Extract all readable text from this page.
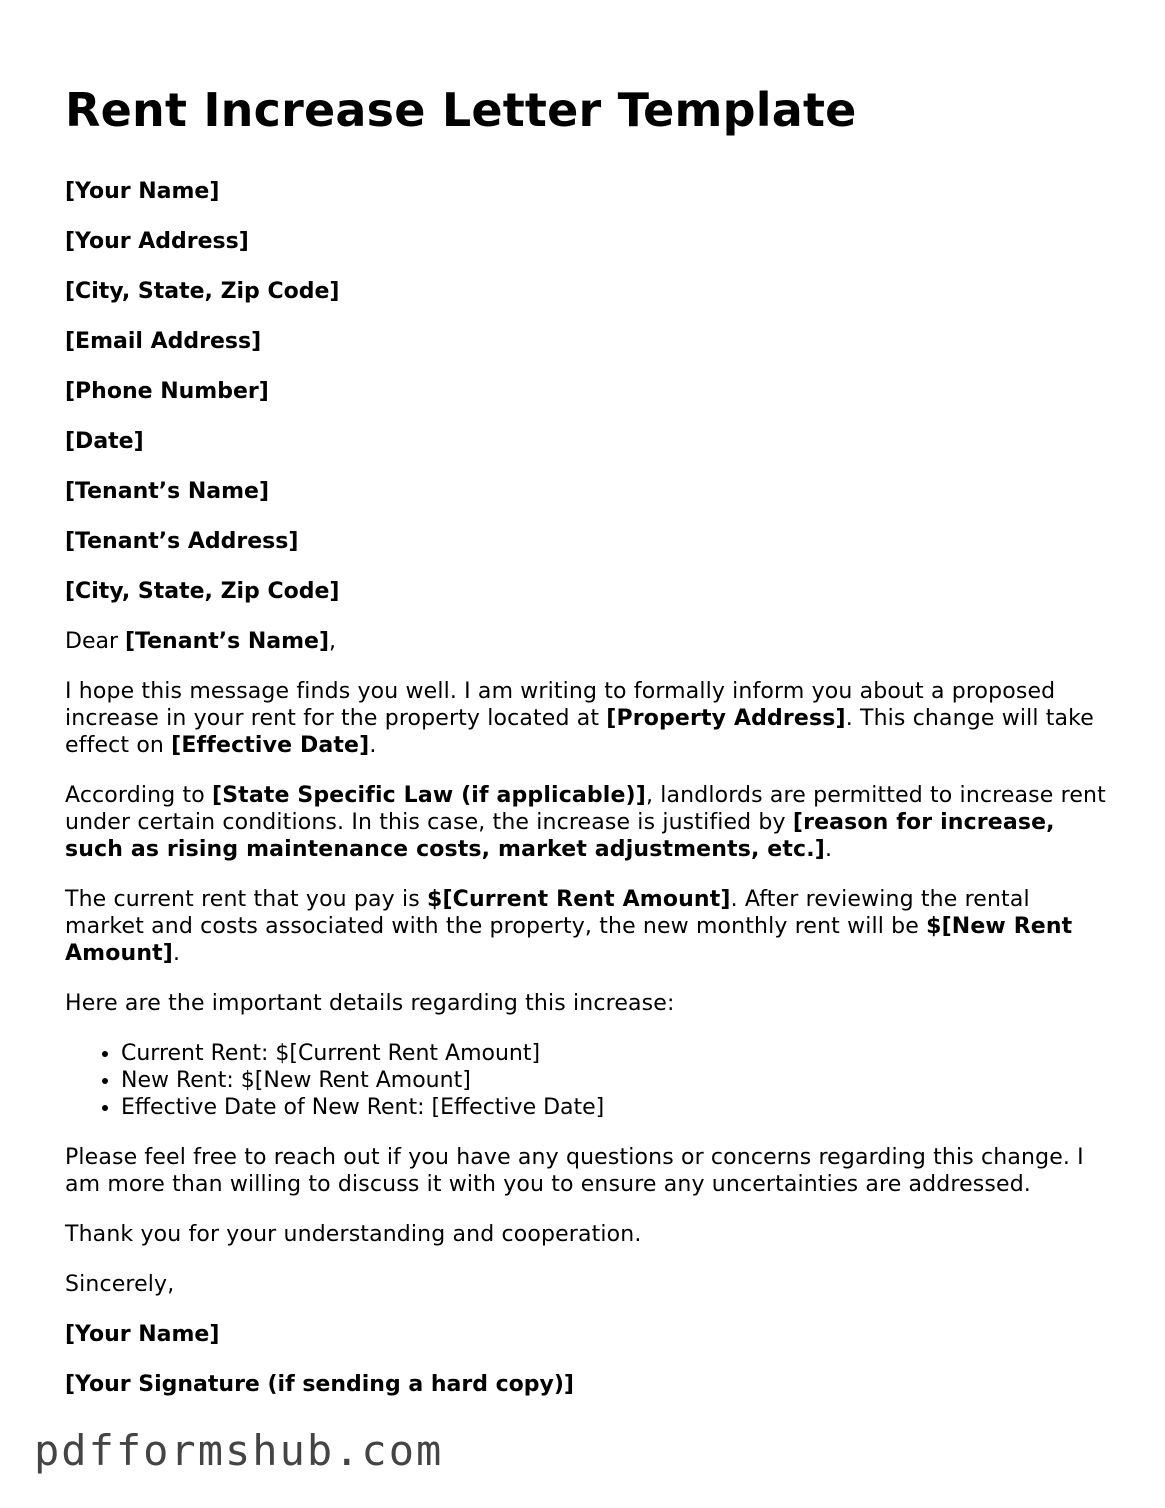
Rent Increase Letter Template
[Your Name]
[Your Address]
[City, State, Zip Code]
[Email Address]
[Phone Number]
[Date]
[Tenant’s Name]
[Tenant’s Address]
[City, State, Zip Code]
Dear [Tenant’s Name],

I hope this message finds you well. I am writing to formally inform you about a proposed increase in your rent for the property located at [Property Address]. This change will take effect on [Effective Date].

According to [State Specific Law (if applicable)], landlords are permitted to increase rent under certain conditions. In this case, the increase is justified by [reason for increase, such as rising maintenance costs, market adjustments, etc.].

The current rent that you pay is $[Current Rent Amount]. After reviewing the rental market and costs associated with the property, the new monthly rent will be $[New Rent Amount].

Here are the important details regarding this increase:

• Current Rent: $[Current Rent Amount]
• New Rent: $[New Rent Amount]
• Effective Date of New Rent: [Effective Date]

Please feel free to reach out if you have any questions or concerns regarding this change. I am more than willing to discuss it with you to ensure any uncertainties are addressed.

Thank you for your understanding and cooperation.

Sincerely,

[Your Name]
[Your Signature (if sending a hard copy)]
pdfformshub.com
